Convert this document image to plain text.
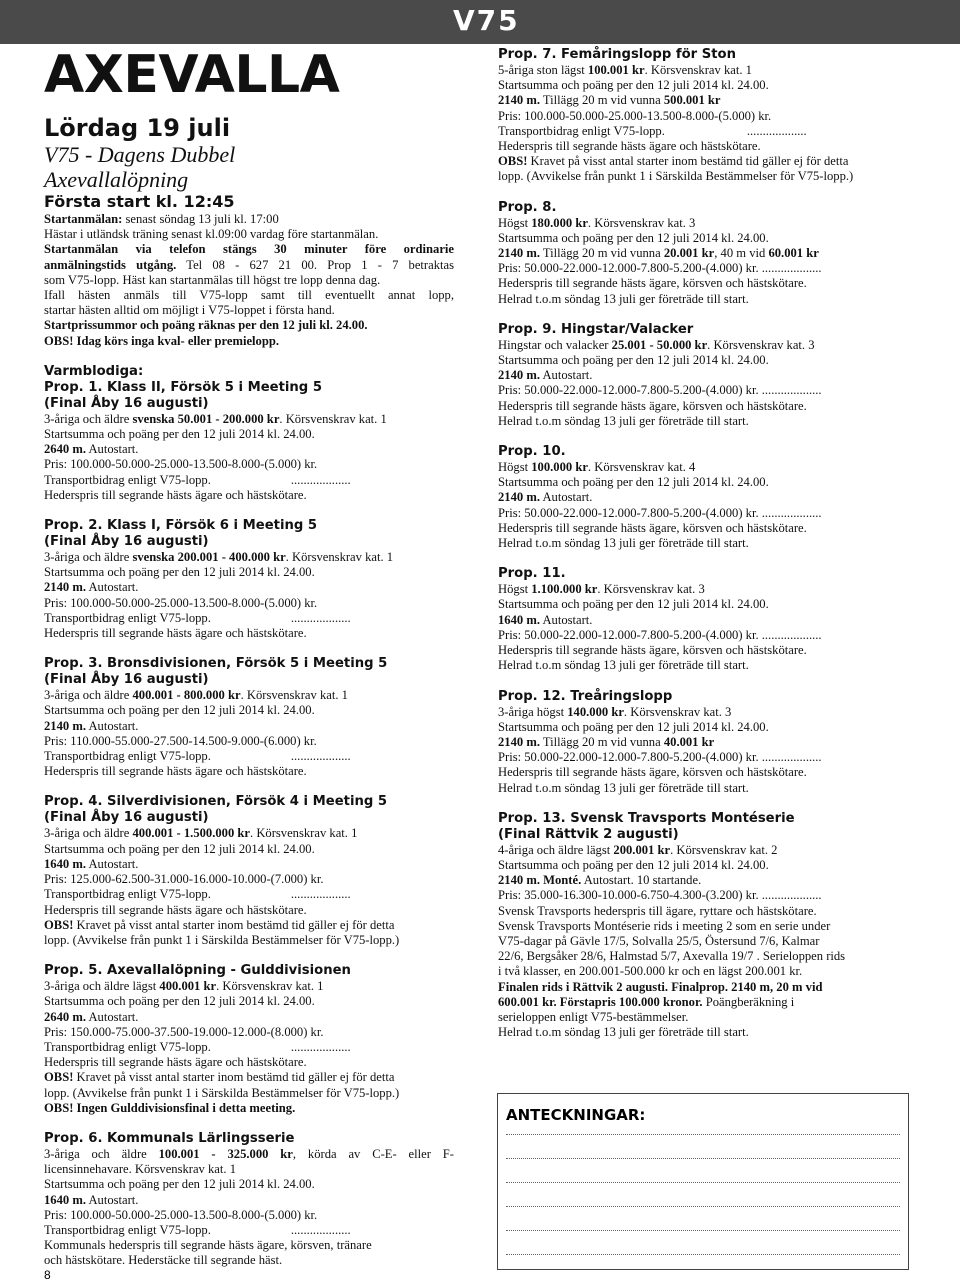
V75
AXEVALLA
Lördag 19 juli
V75 - Dagens Dubbel
Axevallalöpning
Första start kl. 12:45
Startanmälan: senast söndag 13 juli kl. 17:00
Hästar i utländsk träning senast kl.09:00 vardag före startanmälan.
Startanmälan via telefon stängs 30 minuter före ordinarie
anmälningstids utgång. Tel 08 - 627 21 00. Prop 1 - 7 betraktas
som V75-lopp. Häst kan startanmälas till högst tre lopp denna dag.
Ifall hästen anmäls till V75-lopp samt till eventuellt annat lopp,
startar hästen alltid om möjligt i V75-loppet i första hand.
Startprissummor och poäng räknas per den 12 juli kl. 24.00.
OBS! Idag körs inga kval- eller premielopp.
Varmblodiga:
Prop. 1. Klass II, Försök 5 i Meeting 5
(Final Åby 16 augusti)
3-åriga och äldre svenska 50.001 - 200.000 kr. Körsvenskrav kat. 1
Startsumma och poäng per den 12 juli 2014 kl. 24.00.
2640 m. Autostart.
Pris: 100.000-50.000-25.000-13.500-8.000-(5.000) kr.
Transportbidrag enligt V75-lopp.	...................
Hederspris till segrande hästs ägare och hästskötare.
Prop. 2. Klass I, Försök 6 i Meeting 5
(Final Åby 16 augusti)
3-åriga och äldre svenska 200.001 - 400.000 kr. Körsvenskrav kat. 1
Startsumma och poäng per den 12 juli 2014 kl. 24.00.
2140 m. Autostart.
Pris: 100.000-50.000-25.000-13.500-8.000-(5.000) kr.
Transportbidrag enligt V75-lopp.	...................
Hederspris till segrande hästs ägare och hästskötare.
Prop. 3. Bronsdivisionen, Försök 5 i Meeting 5
(Final Åby 16 augusti)
3-åriga och äldre 400.001 - 800.000 kr. Körsvenskrav kat. 1
Startsumma och poäng per den 12 juli 2014 kl. 24.00.
2140 m. Autostart.
Pris: 110.000-55.000-27.500-14.500-9.000-(6.000) kr.
Transportbidrag enligt V75-lopp.	...................
Hederspris till segrande hästs ägare och hästskötare.
Prop. 4. Silverdivisionen, Försök 4 i Meeting 5
(Final Åby 16 augusti)
3-åriga och äldre 400.001 - 1.500.000 kr. Körsvenskrav kat. 1
Startsumma och poäng per den 12 juli 2014 kl. 24.00.
1640 m. Autostart.
Pris: 125.000-62.500-31.000-16.000-10.000-(7.000) kr.
Transportbidrag enligt V75-lopp.	...................
Hederspris till segrande hästs ägare och hästskötare.
OBS! Kravet på visst antal starter inom bestämd tid gäller ej för detta
lopp. (Avvikelse från punkt 1 i Särskilda Bestämmelser för V75-lopp.)
Prop. 5. Axevallalöpning - Gulddivisionen
3-åriga och äldre lägst 400.001 kr. Körsvenskrav kat. 1
Startsumma och poäng per den 12 juli 2014 kl. 24.00.
2640 m. Autostart.
Pris: 150.000-75.000-37.500-19.000-12.000-(8.000) kr.
Transportbidrag enligt V75-lopp.	...................
Hederspris till segrande hästs ägare och hästskötare.
OBS! Kravet på visst antal starter inom bestämd tid gäller ej för detta
lopp. (Avvikelse från punkt 1 i Särskilda Bestämmelser för V75-lopp.)
OBS! Ingen Gulddivisionsfinal i detta meeting.
Prop. 6. Kommunals Lärlingsserie
3-åriga och äldre 100.001 - 325.000 kr, körda av C-E- eller F-
licensinnehavare. Körsvenskrav kat. 1
Startsumma och poäng per den 12 juli 2014 kl. 24.00.
1640 m. Autostart.
Pris: 100.000-50.000-25.000-13.500-8.000-(5.000) kr.
Transportbidrag enligt V75-lopp.	...................
Kommunals hederspris till segrande hästs ägare, körsven, tränare
och hästskötare. Hederstäcke till segrande häst.
Prop. 7. Femåringslopp för Ston
5-åriga ston lägst 100.001 kr. Körsvenskrav kat. 1
Startsumma och poäng per den 12 juli 2014 kl. 24.00.
2140 m. Tillägg 20 m vid vunna 500.001 kr
Pris: 100.000-50.000-25.000-13.500-8.000-(5.000) kr.
Transportbidrag enligt V75-lopp.	...................
Hederspris till segrande hästs ägare och hästskötare.
OBS! Kravet på visst antal starter inom bestämd tid gäller ej för detta
lopp. (Avvikelse från punkt 1 i Särskilda Bestämmelser för V75-lopp.)
Prop. 8.
Högst 180.000 kr. Körsvenskrav kat. 3
Startsumma och poäng per den 12 juli 2014 kl. 24.00.
2140 m. Tillägg 20 m vid vunna 20.001 kr, 40 m vid 60.001 kr
Pris: 50.000-22.000-12.000-7.800-5.200-(4.000) kr. ...................
Hederspris till segrande hästs ägare, körsven och hästskötare.
Helrad t.o.m söndag 13 juli ger företräde till start.
Prop. 9. Hingstar/Valacker
Hingstar och valacker 25.001 - 50.000 kr. Körsvenskrav kat. 3
Startsumma och poäng per den 12 juli 2014 kl. 24.00.
2140 m. Autostart.
Pris: 50.000-22.000-12.000-7.800-5.200-(4.000) kr. ...................
Hederspris till segrande hästs ägare, körsven och hästskötare.
Helrad t.o.m söndag 13 juli ger företräde till start.
Prop. 10.
Högst 100.000 kr. Körsvenskrav kat. 4
Startsumma och poäng per den 12 juli 2014 kl. 24.00.
2140 m. Autostart.
Pris: 50.000-22.000-12.000-7.800-5.200-(4.000) kr. ...................
Hederspris till segrande hästs ägare, körsven och hästskötare.
Helrad t.o.m söndag 13 juli ger företräde till start.
Prop. 11.
Högst 1.100.000 kr. Körsvenskrav kat. 3
Startsumma och poäng per den 12 juli 2014 kl. 24.00.
1640 m. Autostart.
Pris: 50.000-22.000-12.000-7.800-5.200-(4.000) kr. ...................
Hederspris till segrande hästs ägare, körsven och hästskötare.
Helrad t.o.m söndag 13 juli ger företräde till start.
Prop. 12. Treåringslopp
3-åriga högst 140.000 kr. Körsvenskrav kat. 3
Startsumma och poäng per den 12 juli 2014 kl. 24.00.
2140 m. Tillägg 20 m vid vunna 40.001 kr
Pris: 50.000-22.000-12.000-7.800-5.200-(4.000) kr. ...................
Hederspris till segrande hästs ägare, körsven och hästskötare.
Helrad t.o.m söndag 13 juli ger företräde till start.
Prop. 13. Svensk Travsports Montéserie
(Final Rättvik 2 augusti)
4-åriga och äldre lägst 200.001 kr. Körsvenskrav kat. 2
Startsumma och poäng per den 12 juli 2014 kl. 24.00.
2140 m. Monté. Autostart. 10 startande.
Pris: 35.000-16.300-10.000-6.750-4.300-(3.200) kr. ...................
Svensk Travsports hederspris till ägare, ryttare och hästskötare.
Svensk Travsports Montéserie rids i meeting 2 som en serie under
V75-dagar på Gävle 17/5, Solvalla 25/5, Östersund 7/6, Kalmar
22/6, Bergsåker 28/6, Halmstad 5/7, Axevalla 19/7 . Serieloppen rids
i två klasser, en 200.001-500.000 kr och en lägst 200.001 kr.
Finalen rids i Rättvik 2 augusti. Finalprop. 2140 m, 20 m vid
600.001 kr. Förstapris 100.000 kronor. Poängberäkning i
serieloppen enligt V75-bestämmelser.
Helrad t.o.m söndag 13 juli ger företräde till start.
ANTECKNINGAR:
8
